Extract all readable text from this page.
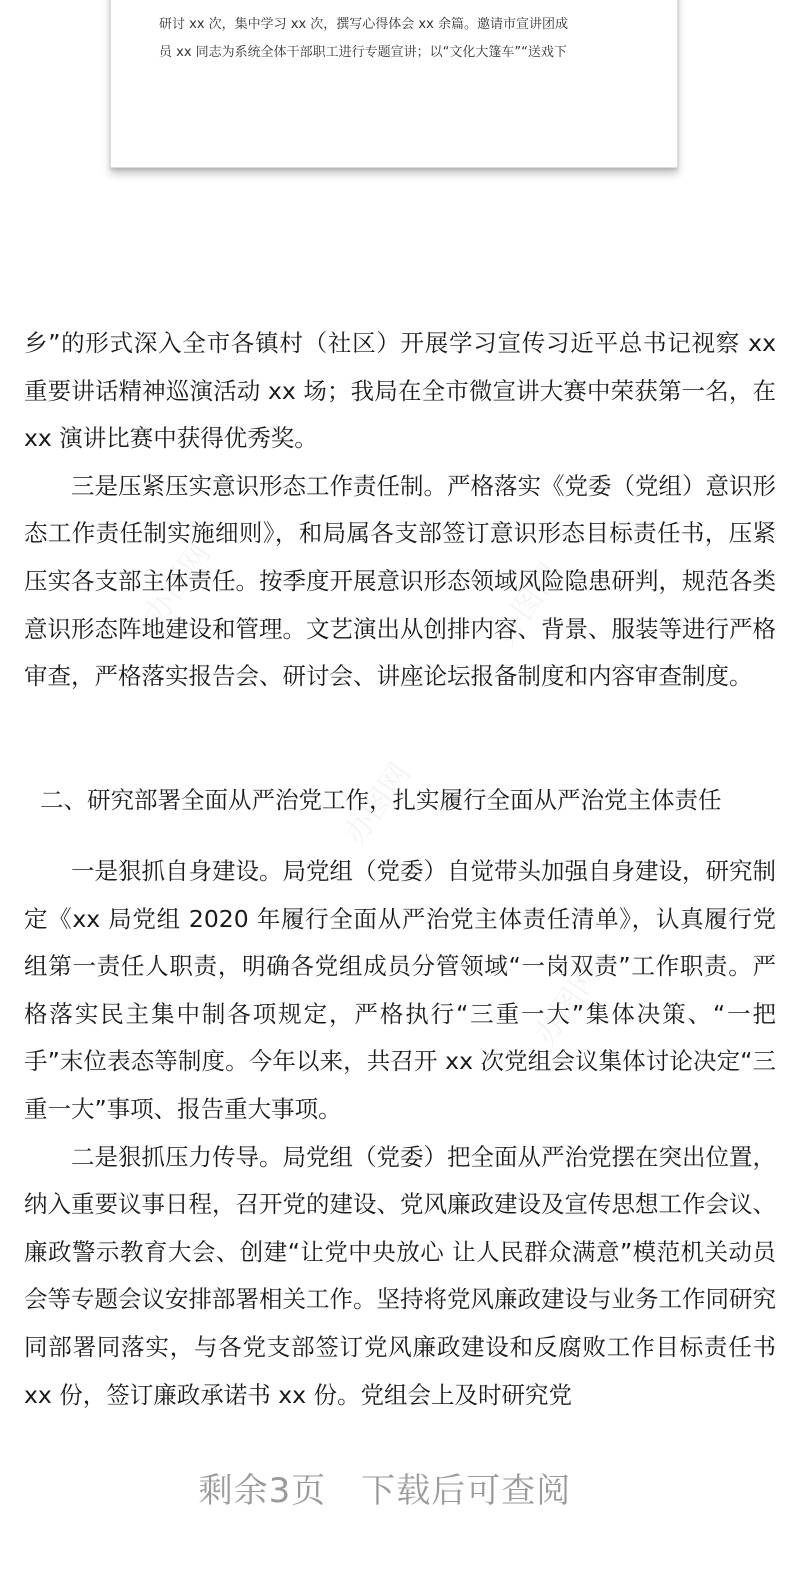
研讨 xx 次，集中学习 xx 次，撰写心得体会 xx 余篇。邀请市宣讲团成
员 xx 同志为系统全体干部职工进行专题宣讲；以“文化大篷车”“送戏下

乡”的形式深入全市各镇村（社区）开展学习宣传习近平总书记视察 xx 重要讲话精神巡演活动 xx 场；我局在全市微宣讲大赛中荣获第一名，在 xx 演讲比赛中获得优秀奖。

三是压紧压实意识形态工作责任制。严格落实《党委（党组）意识形态工作责任制实施细则》，和局属各支部签订意识形态目标责任书，压紧压实各支部主体责任。按季度开展意识形态领域风险隐患研判，规范各类意识形态阵地建设和管理。文艺演出从创排内容、背景、服装等进行严格审查，严格落实报告会、研讨会、讲座论坛报备制度和内容审查制度。

二、研究部署全面从严治党工作，扎实履行全面从严治党主体责任

一是狠抓自身建设。局党组（党委）自觉带头加强自身建设，研究制定《xx 局党组 2020 年履行全面从严治党主体责任清单》，认真履行党组第一责任人职责，明确各党组成员分管领域“一岗双责”工作职责。严格落实民主集中制各项规定，严格执行“三重一大”集体决策、“一把手”末位表态等制度。今年以来，共召开 xx 次党组会议集体讨论决定“三重一大”事项、报告重大事项。

二是狠抓压力传导。局党组（党委）把全面从严治党摆在突出位置，纳入重要议事日程，召开党的建设、党风廉政建设及宣传思想工作会议、廉政警示教育大会、创建“让党中央放心 让人民群众满意”模范机关动员会等专题会议安排部署相关工作。坚持将党风廉政建设与业务工作同研究同部署同落实，与各党支部签订党风廉政建设和反腐败工作目标责任书 xx 份，签订廉政承诺书 xx 份。党组会上及时研究党

剩余3页　下载后可查阅
办图网	办图网
办图网
办图网
